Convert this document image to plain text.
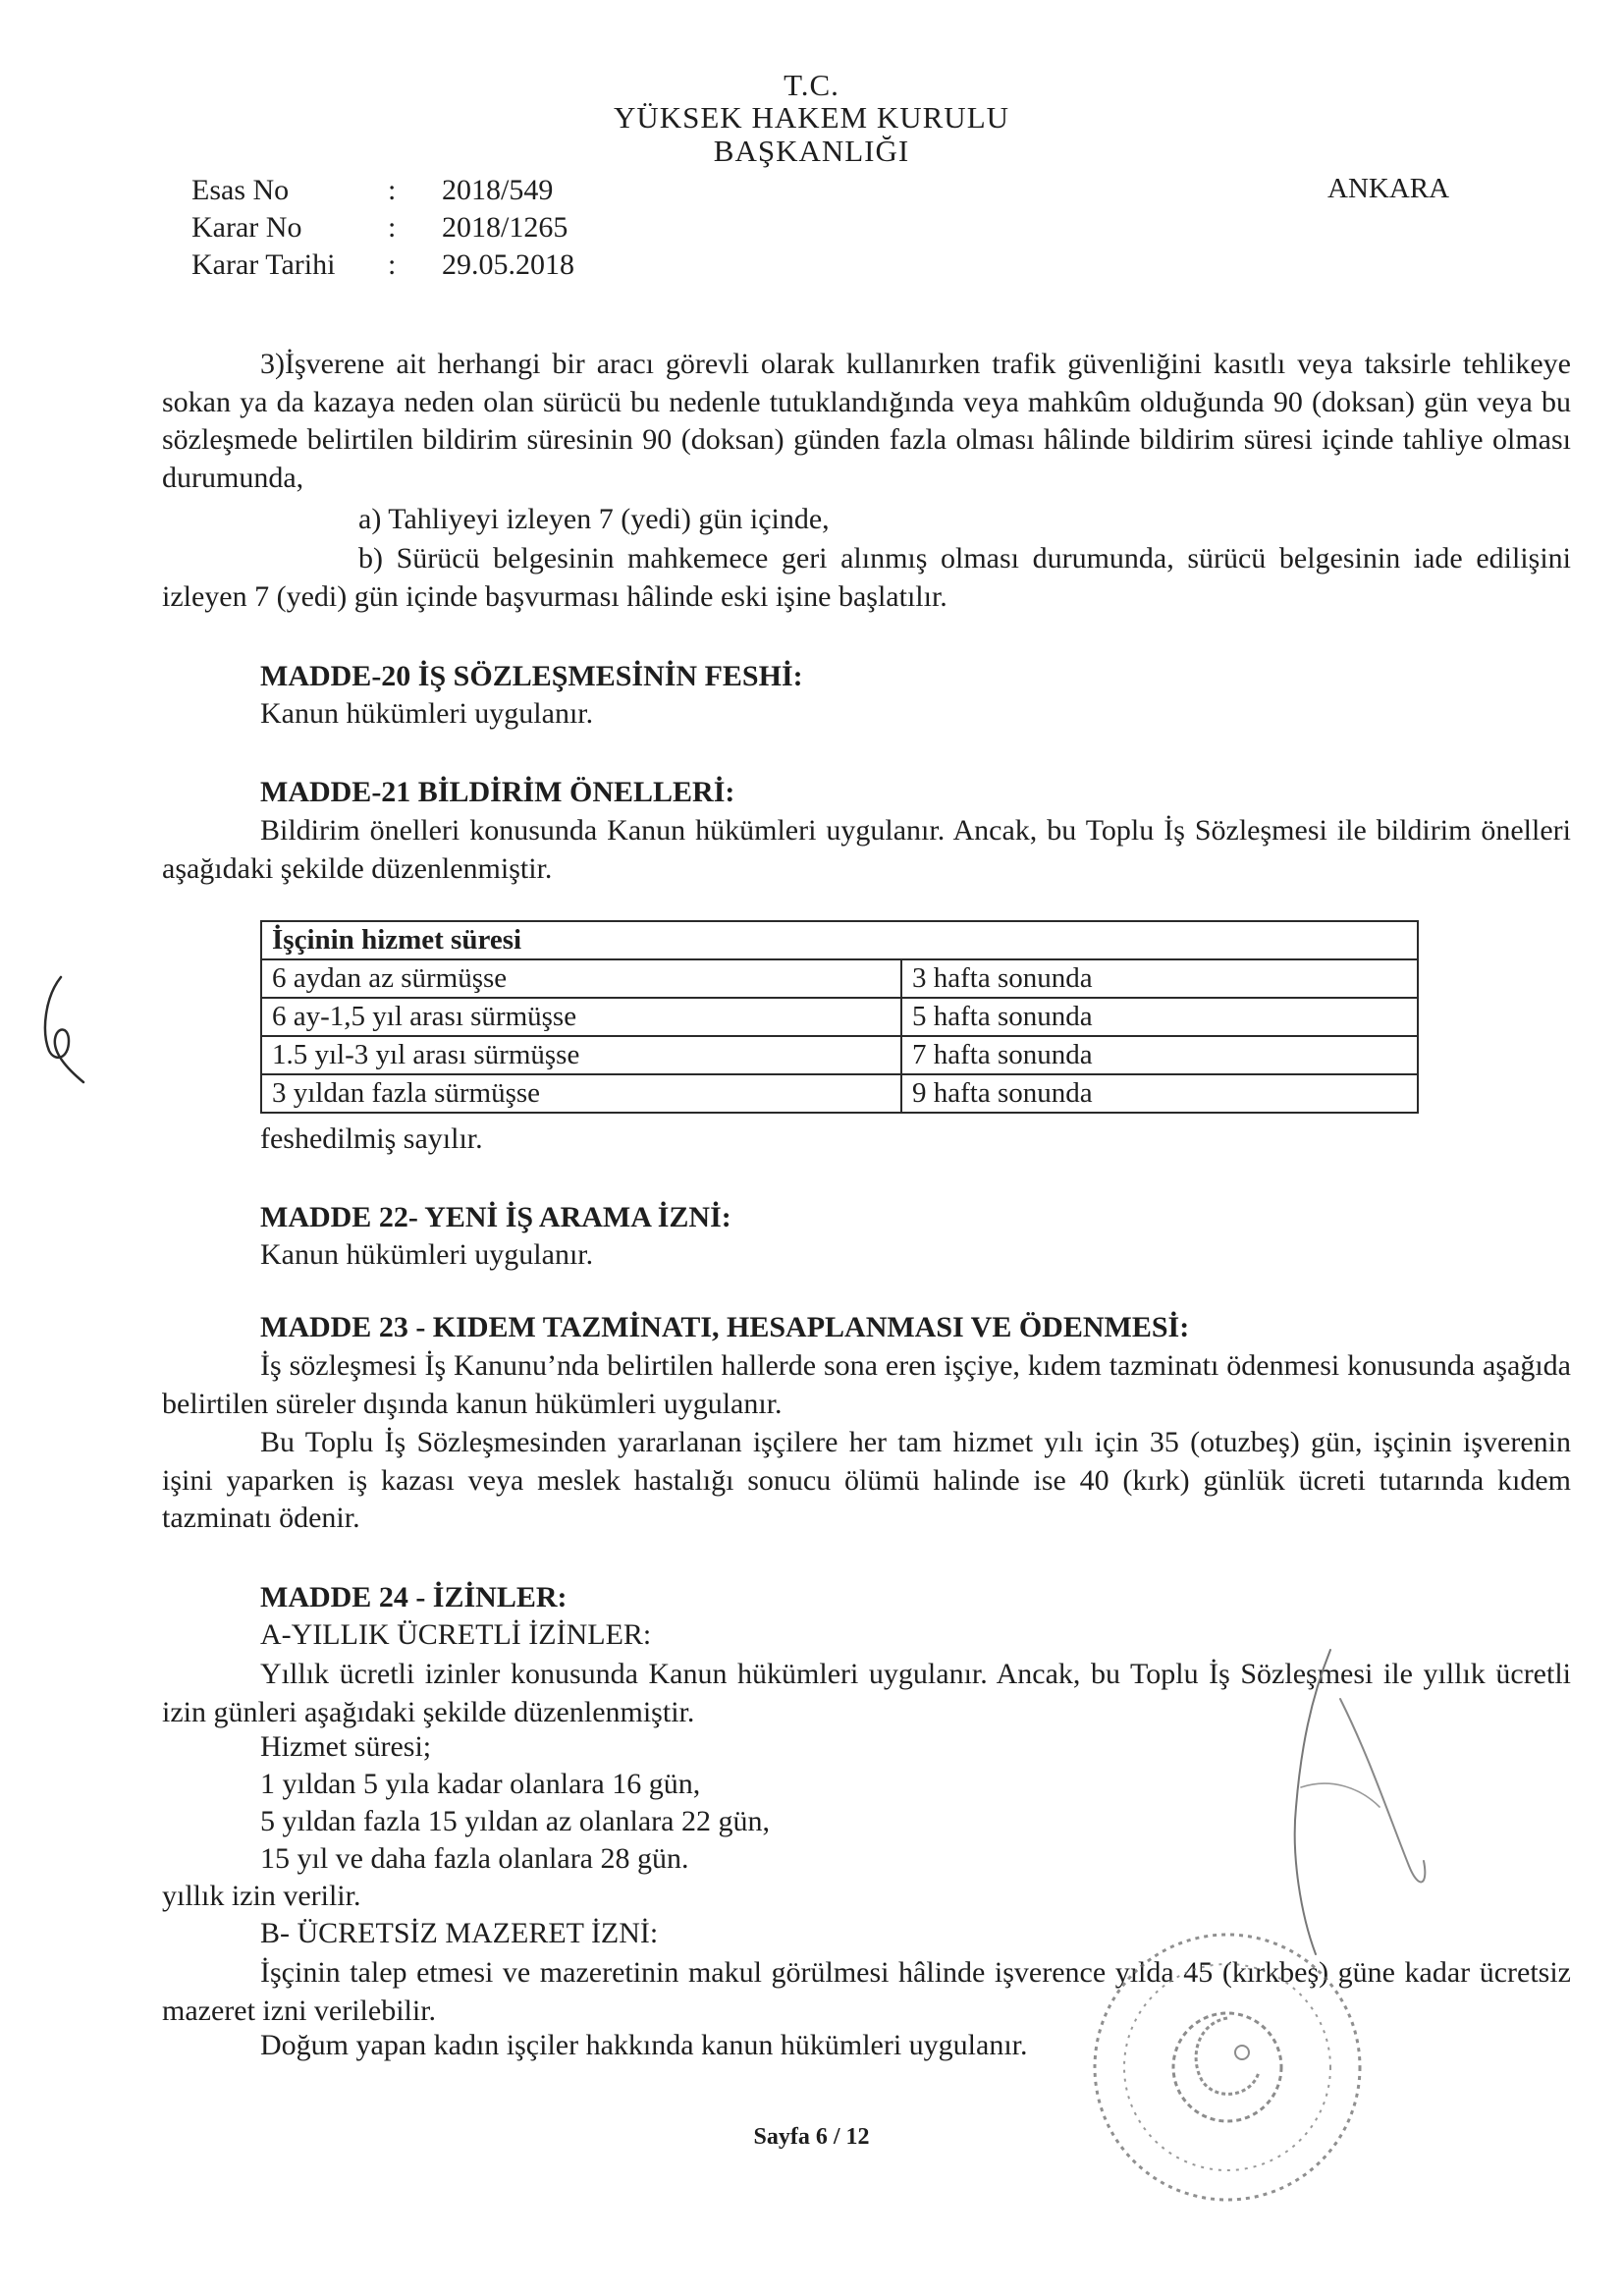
T.C.
YÜKSEK HAKEM KURULU
BAŞKANLIĞI
ANKARA
Esas No	: 2018/549
Karar No	: 2018/1265
Karar Tarihi : 29.05.2018
3)İşverene ait herhangi bir aracı görevli olarak kullanırken trafik güvenliğini kasıtlı veya taksirle tehlikeye sokan ya da kazaya neden olan sürücü bu nedenle tutuklandığında veya mahkûm olduğunda 90 (doksan) gün veya bu sözleşmede belirtilen bildirim süresinin 90 (doksan) günden fazla olması hâlinde bildirim süresi içinde tahliye olması durumunda,
a) Tahliyeyi izleyen 7 (yedi) gün içinde,
b) Sürücü belgesinin mahkemece geri alınmış olması durumunda, sürücü belgesinin iade edilişini izleyen 7 (yedi) gün içinde başvurması hâlinde eski işine başlatılır.
MADDE-20 İŞ SÖZLEŞMESİNİN FESHİ:
Kanun hükümleri uygulanır.
MADDE-21 BİLDİRİM ÖNELLERİ:
Bildirim önelleri konusunda Kanun hükümleri uygulanır. Ancak, bu Toplu İş Sözleşmesi ile bildirim önelleri aşağıdaki şekilde düzenlenmiştir.
İşçinin hizmet süresi	
6 aydan az sürmüşse	3 hafta sonunda
6 ay-1,5 yıl arası sürmüşse	5 hafta sonunda
1.5 yıl-3 yıl arası sürmüşse	7 hafta sonunda
3 yıldan fazla sürmüşse	9 hafta sonunda
feshedilmiş sayılır.
MADDE 22- YENİ İŞ ARAMA İZNİ:
Kanun hükümleri uygulanır.
MADDE 23 - KIDEM TAZMİNATI, HESAPLANMASI VE ÖDENMESİ:
İş sözleşmesi İş Kanunu’nda belirtilen hallerde sona eren işçiye, kıdem tazminatı ödenmesi konusunda aşağıda belirtilen süreler dışında kanun hükümleri uygulanır.
Bu Toplu İş Sözleşmesinden yararlanan işçilere her tam hizmet yılı için 35 (otuzbeş) gün, işçinin işverenin işini yaparken iş kazası veya meslek hastalığı sonucu ölümü halinde ise 40 (kırk) günlük ücreti tutarında kıdem tazminatı ödenir.
MADDE 24 - İZİNLER:
A-YILLIK ÜCRETLİ İZİNLER:
Yıllık ücretli izinler konusunda Kanun hükümleri uygulanır. Ancak, bu Toplu İş Sözleşmesi ile yıllık ücretli izin günleri aşağıdaki şekilde düzenlenmiştir.
Hizmet süresi;
1 yıldan 5 yıla kadar olanlara 16 gün,
5 yıldan fazla 15 yıldan az olanlara 22 gün,
15 yıl ve daha fazla olanlara 28 gün.
yıllık izin verilir.
B- ÜCRETSİZ MAZERET İZNİ:
İşçinin talep etmesi ve mazeretinin makul görülmesi hâlinde işverence yılda 45 (kırkbeş) güne kadar ücretsiz mazeret izni verilebilir.
Doğum yapan kadın işçiler hakkında kanun hükümleri uygulanır.
Sayfa 6 / 12
